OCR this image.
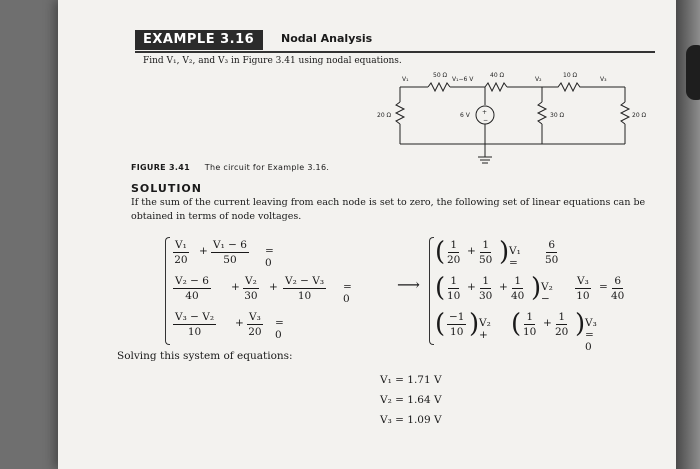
EXAMPLE 3.16	Nodal Analysis
Find V₁, V₂, and V₃ in Figure 3.41 using nodal equations.
V₁
50 Ω
V₁−6 V
40 Ω
V₂
10 Ω
V₃
20 Ω	6 V +
−
30 Ω	20 Ω
FIGURE 3.41 The circuit for Example 3.16.
SOLUTION
If the sum of the current leaving from each node is set to zero, the following set of linear equations can be obtained in terms of node voltages.
$\frac{\text{V₁}}{20} + \frac{\text{V₁ − 6}}{50} = 0$
$\frac{\text{V₂ − 6}}{40} + \frac{\text{V₂}}{30} + \frac{\text{V₂ − V₃}}{10} = 0$
$\frac{\text{V₃ − V₂}}{10} + \frac{\text{V₃}}{20} = 0$
⟶
( $\frac{1}{20} + \frac{1}{50}$ ) V₁ =	$\frac{6}{50}$
( $\frac{1}{10} + \frac{1}{30} + \frac{1}{40}$ ) $V_2 - \frac{\text{V₃}}{10} = \frac{6}{40}$
( $\frac{-1}{10}$ ) V₂ + ( $\frac{1}{10} + \frac{1}{20}$ ) V₃ = 0
Solving this system of equations:
V₁ = 1.71 V
V₂ = 1.64 V
V₃ = 1.09 V
